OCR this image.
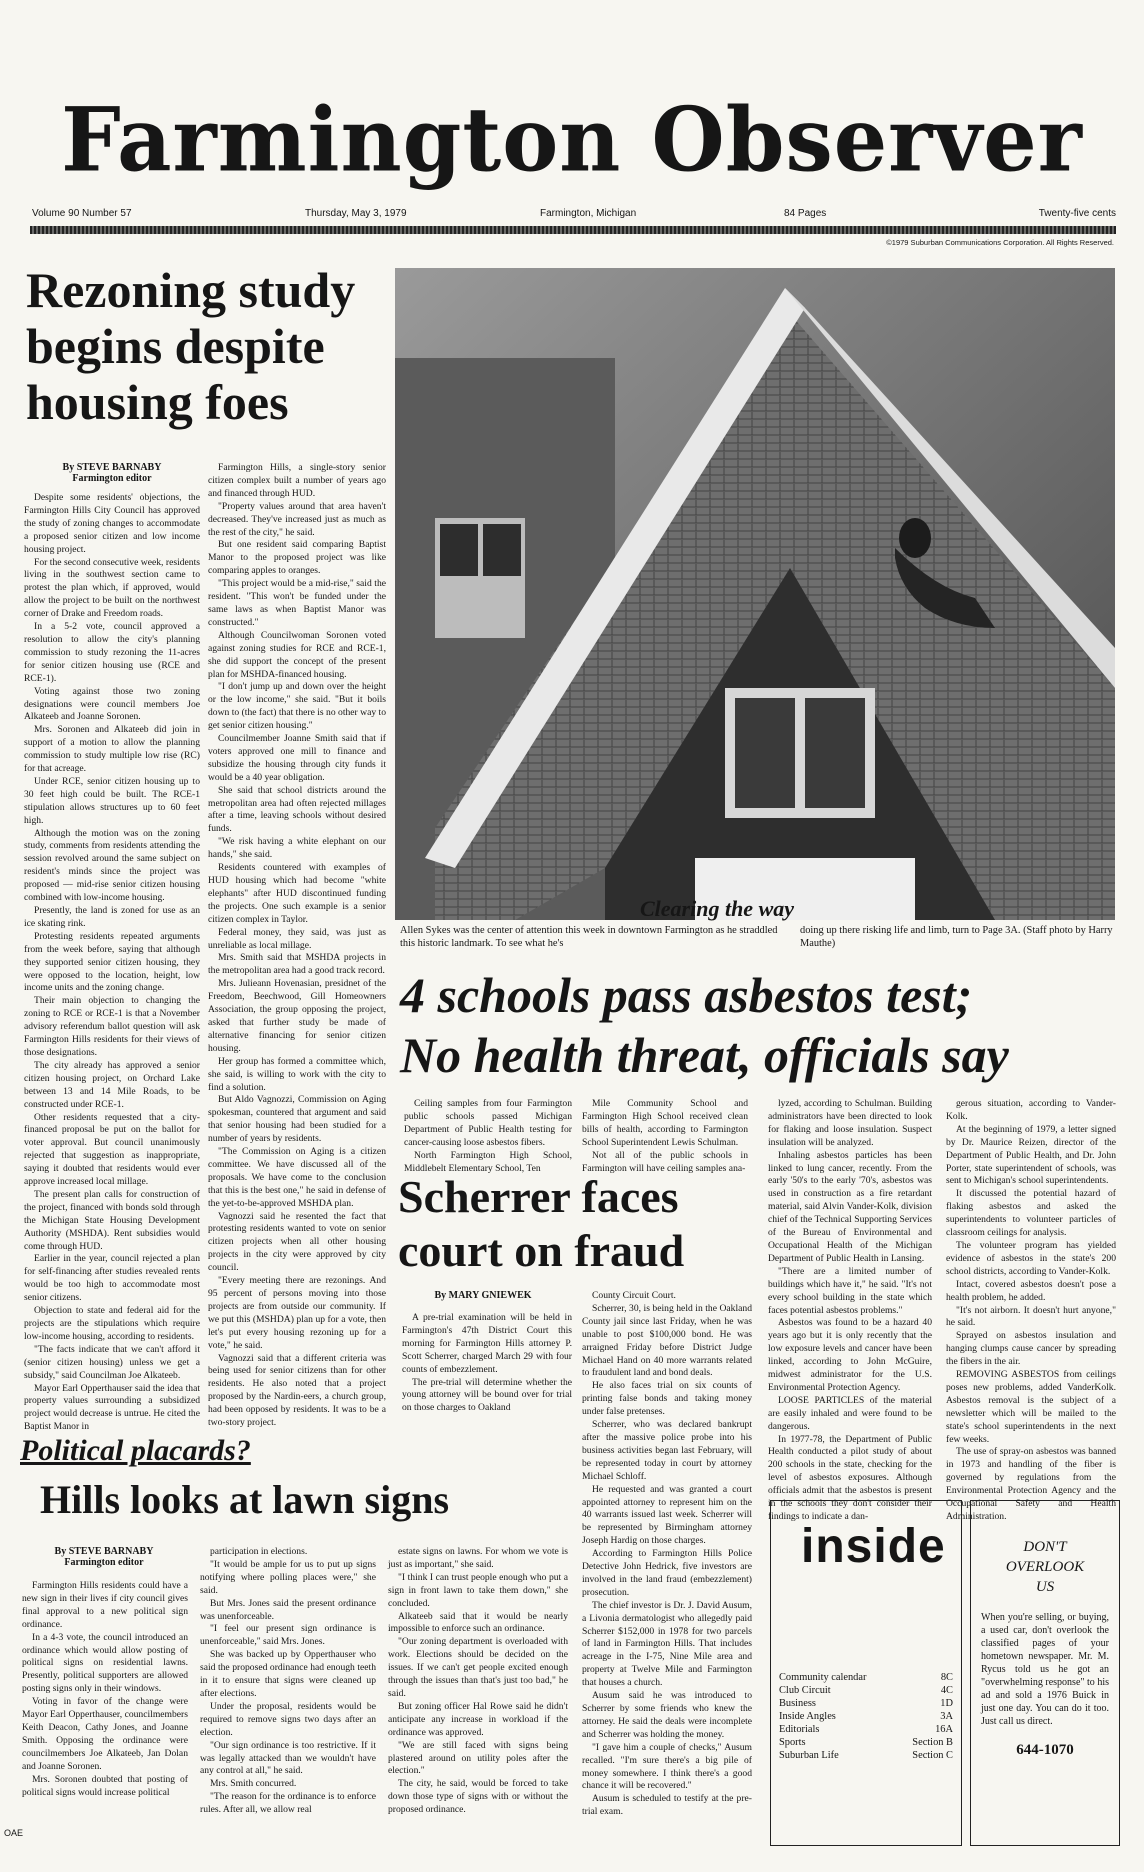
Farmington Observer
Volume 90 Number 57	Thursday, May 3, 1979	Farmington, Michigan	84 Pages	Twenty-five cents
©1979 Suburban Communications Corporation. All Rights Reserved.
Rezoning study begins despite housing foes
By STEVE BARNABY
Farmington editor

Despite some residents' objections, the Farmington Hills City Council has approved the study of zoning changes to accommodate a proposed senior citizen and low income housing project.

For the second consecutive week, residents living in the southwest section came to protest the plan which, if approved, would allow the project to be built on the northwest corner of Drake and Freedom roads.

In a 5-2 vote, council approved a resolution to allow the city's planning commission to study rezoning the 11-acres for senior citizen housing use (RCE and RCE-1).

Voting against those two zoning designations were council members Joe Alkateeb and Joanne Soronen.

Mrs. Soronen and Alkateeb did join in support of a motion to allow the planning commission to study multiple low rise (RC) for that acreage.

Under RCE, senior citizen housing up to 30 feet high could be built. The RCE-1 stipulation allows structures up to 60 feet high.

Although the motion was on the zoning study, comments from residents attending the session revolved around the same subject on resident's minds since the project was proposed — mid-rise senior citizen housing combined with low-income housing.

Presently, the land is zoned for use as an ice skating rink.

Protesting residents repeated arguments from the week before, saying that although they supported senior citizen housing, they were opposed to the location, height, low income units and the zoning change.

Their main objection to changing the zoning to RCE or RCE-1 is that a November advisory referendum ballot question will ask Farmington Hills residents for their views of those designations.

The city already has approved a senior citizen housing project, on Orchard Lake between 13 and 14 Mile Roads, to be constructed under RCE-1.

Other residents requested that a city-financed proposal be put on the ballot for voter approval. But council unanimously rejected that suggestion as inappropriate, saying it doubted that residents would ever approve increased local millage.

The present plan calls for construction of the project, financed with bonds sold through the Michigan State Housing Development Authority (MSHDA). Rent subsidies would come through HUD.

Earlier in the year, council rejected a plan for self-financing after studies revealed rents would be too high to accommodate most senior citizens.

Objection to state and federal aid for the projects are the stipulations which require low-income housing, according to residents.

"The facts indicate that we can't afford it (senior citizen housing) unless we get a subsidy," said Councilman Joe Alkateeb.

Mayor Earl Opperthauser said the idea that property values surrounding a subsidized project would decrease is untrue. He cited the Baptist Manor in

Farmington Hills, a single-story senior citizen complex built a number of years ago and financed through HUD.

"Property values around that area haven't decreased. They've increased just as much as the rest of the city," he said.

But one resident said comparing Baptist Manor to the proposed project was like comparing apples to oranges.

"This project would be a mid-rise," said the resident. "This won't be funded under the same laws as when Baptist Manor was constructed."

Although Councilwoman Soronen voted against zoning studies for RCE and RCE-1, she did support the concept of the present plan for MSHDA-financed housing.

"I don't jump up and down over the height or the low income," she said. "But it boils down to (the fact) that there is no other way to get senior citizen housing."

Councilmember Joanne Smith said that if voters approved one mill to finance and subsidize the housing through city funds it would be a 40 year obligation.

She said that school districts around the metropolitan area had often rejected millages after a time, leaving schools without desired funds.

"We risk having a white elephant on our hands," she said.

Residents countered with examples of HUD housing which had become "white elephants" after HUD discontinued funding the projects. One such example is a senior citizen complex in Taylor.

Federal money, they said, was just as unreliable as local millage.

Mrs. Smith said that MSHDA projects in the metropolitan area had a good track record.

Mrs. Julieann Hovenasian, presidnet of the Freedom, Beechwood, Gill Homeowners Association, the group opposing the project, asked that further study be made of alternative financing for senior citizen housing.

Her group has formed a committee which, she said, is willing to work with the city to find a solution.

But Aldo Vagnozzi, Commission on Aging spokesman, countered that argument and said that senior housing had been studied for a number of years by residents.

"The Commission on Aging is a citizen committee. We have discussed all of the proposals. We have come to the conclusion that this is the best one," he said in defense of the yet-to-be-approved MSHDA plan.

Vagnozzi said he resented the fact that protesting residents wanted to vote on senior citizen projects when all other housing projects in the city were approved by city council.

"Every meeting there are rezonings. And 95 percent of persons moving into those projects are from outside our community. If we put this (MSHDA) plan up for a vote, then let's put every housing rezoning up for a vote," he said.

Vagnozzi said that a different criteria was being used for senior citizens than for other residents. He also noted that a project proposed by the Nardin-eers, a church group, had been opposed by residents. It was to be a two-story project.

Clearing the way
Allen Sykes was the center of attention this week in downtown Farmington as he straddled this historic landmark. To see what he's
doing up there risking life and limb, turn to Page 3A. (Staff photo by Harry Mauthe)
4 schools pass asbestos test;
No health threat, officials say

Ceiling samples from four Farmington public schools passed Michigan Department of Public Health testing for cancer-causing loose asbestos fibers.

North Farmington High School, Middlebelt Elementary School, Ten

Mile Community School and Farmington High School received clean bills of health, according to Farmington School Superintendent Lewis Schulman.

Not all of the public schools in Farmington will have ceiling samples ana-

lyzed, according to Schulman. Building administrators have been directed to look for flaking and loose insulation. Suspect insulation will be analyzed.

Inhaling asbestos particles has been linked to lung cancer, recently. From the early '50's to the early '70's, asbestos was used in construction as a fire retardant material, said Alvin Vander-Kolk, division chief of the Technical Supporting Services of the Bureau of Environmental and Occupational Health of the Michigan Department of Public Health in Lansing.

"There are a limited number of buildings which have it," he said. "It's not every school building in the state which faces potential asbestos problems."

Asbestos was found to be a hazard 40 years ago but it is only recently that the low exposure levels and cancer have been linked, according to John McGuire, midwest administrator for the U.S. Environmental Protection Agency.

LOOSE PARTICLES of the material are easily inhaled and were found to be dangerous.

In 1977-78, the Department of Public Health conducted a pilot study of about 200 schools in the state, checking for the level of asbestos exposures. Although officials admit that the asbestos is present in the schools they don't consider their findings to indicate a dan-

gerous situation, according to Vander-Kolk.

At the beginning of 1979, a letter signed by Dr. Maurice Reizen, director of the Department of Public Health, and Dr. John Porter, state superintendent of schools, was sent to Michigan's school superintendents.

It discussed the potential hazard of flaking asbestos and asked the superintendents to volunteer particles of classroom ceilings for analysis.

The volunteer program has yielded evidence of asbestos in the state's 200 school districts, according to Vander-Kolk.

Intact, covered asbestos doesn't pose a health problem, he added.

"It's not airborn. It doesn't hurt anyone," he said.

Sprayed on asbestos insulation and hanging clumps cause cancer by spreading the fibers in the air.

REMOVING ASBESTOS from ceilings poses new problems, added VanderKolk. Asbestos removal is the subject of a newsletter which will be mailed to the state's school superintendents in the next few weeks.

The use of spray-on asbestos was banned in 1973 and handling of the fiber is governed by regulations from the Environmental Protection Agency and the Occupational Safety and Health Administration.

Scherrer faces court on fraud
By MARY GNIEWEK

A pre-trial examination will be held in Farmington's 47th District Court this morning for Farmington Hills attorney P. Scott Scherrer, charged March 29 with four counts of embezzlement.

The pre-trial will determine whether the young attorney will be bound over for trial on those charges to Oakland

County Circuit Court.

Scherrer, 30, is being held in the Oakland County jail since last Friday, when he was unable to post $100,000 bond. He was arraigned Friday before District Judge Michael Hand on 40 more warrants related to fraudulent land and bond deals.

He also faces trial on six counts of printing false bonds and taking money under false pretenses.

Scherrer, who was declared bankrupt after the massive police probe into his business activities began last February, will be represented today in court by attorney Michael Schloff.

He requested and was granted a court appointed attorney to represent him on the 40 warrants issued last week. Scherrer will be represented by Birmingham attorney Joseph Hardig on those charges.

According to Farmington Hills Police Detective John Hedrick, five investors are involved in the land fraud (embezzlement) prosecution.

The chief investor is Dr. J. David Ausum, a Livonia dermatologist who allegedly paid Scherrer $152,000 in 1978 for two parcels of land in Farmington Hills. That includes acreage in the I-75, Nine Mile area and property at Twelve Mile and Farmington that houses a church.

Ausum said he was introduced to Scherrer by some friends who knew the attorney. He said the deals were incomplete and Scherrer was holding the money.

"I gave him a couple of checks," Ausum recalled. "I'm sure there's a big pile of money somewhere. I think there's a good chance it will be recovered."

Ausum is scheduled to testify at the pre-trial exam.

Political placards?
Hills looks at lawn signs
By STEVE BARNABY
Farmington editor

Farmington Hills residents could have a new sign in their lives if city council gives final approval to a new political sign ordinance.

In a 4-3 vote, the council introduced an ordinance which would allow posting of political signs on residential lawns. Presently, political supporters are allowed posting signs only in their windows.

Voting in favor of the change were Mayor Earl Opperthauser, councilmembers Keith Deacon, Cathy Jones, and Joanne Smith. Opposing the ordinance were councilmembers Joe Alkateeb, Jan Dolan and Joanne Soronen.

Mrs. Soronen doubted that posting of political signs would increase political

participation in elections.

"It would be ample for us to put up signs notifying where polling places were," she said.

But Mrs. Jones said the present ordinance was unenforceable.

"I feel our present sign ordinance is unenforceable," said Mrs. Jones.

She was backed up by Opperthauser who said the proposed ordinance had enough teeth in it to ensure that signs were cleaned up after elections.

Under the proposal, residents would be required to remove signs two days after an election.

"Our sign ordinance is too restrictive. If it was legally attacked than we wouldn't have any control at all," he said.

Mrs. Smith concurred.

"The reason for the ordinance is to enforce rules. After all, we allow real

estate signs on lawns. For whom we vote is just as important," she said.

"I think I can trust people enough who put a sign in front lawn to take them down," she concluded.

Alkateeb said that it would be nearly impossible to enforce such an ordinance.

"Our zoning department is overloaded with work. Elections should be decided on the issues. If we can't get people excited enough through the issues than that's just too bad," he said.

But zoning officer Hal Rowe said he didn't anticipate any increase in workload if the ordinance was approved.

"We are still faced with signs being plastered around on utility poles after the election."

The city, he said, would be forced to take down those type of signs with or without the proposed ordinance.

inside
Community calendar	8C
Club Circuit	4C
Business	1D
Inside Angles	3A
Editorials	16A
Sports	Section B
Suburban Life	Section C
DON'T
OVERLOOK
US
When you're selling, or buying, a used car, don't overlook the classified pages of your hometown newspaper. Mr. M. Rycus told us he got an "overwhelming response" to his ad and sold a 1976 Buick in just one day. You can do it too. Just call us direct.
644-1070
OAE
